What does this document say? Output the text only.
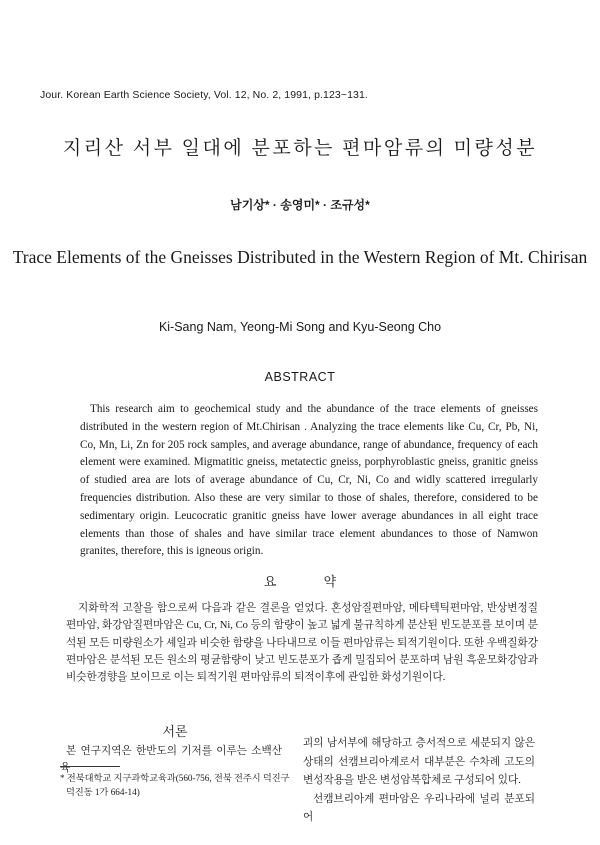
Jour. Korean Earth Science Society, Vol. 12, No. 2, 1991, p.123~131.
지리산 서부 일대에 분포하는 편마암류의 미량성분
남기상* · 송영미* · 조규성*
Trace Elements of the Gneisses Distributed in the Western Region of Mt. Chirisan
Ki-Sang Nam, Yeong-Mi Song and Kyu-Seong Cho
ABSTRACT
This research aim to geochemical study and the abundance of the trace elements of gneisses distributed in the western region of Mt.Chirisan . Analyzing the trace elements like Cu, Cr, Pb, Ni, Co, Mn, Li, Zn for 205 rock samples, and average abundance, range of abundance, frequency of each element were examined. Migmatitic gneiss, metatectic gneiss, porphyroblastic gneiss, granitic gneiss of studied area are lots of average abundance of Cu, Cr, Ni, Co and widly scattered irregularly frequencies distribution. Also these are very similar to those of shales, therefore, considered to be sedimentary origin. Leucocratic granitic gneiss have lower average abundances in all eight trace elements than those of shales and have similar trace element abundances to those of Namwon granites, therefore, this is igneous origin.
요 약
지화학적 고찰을 함으로써 다음과 같은 결론을 얻었다. 혼성암질편마암, 메타텍틱편마암, 반상변정질편마암, 화강암질편마암은 Cu, Cr, Ni, Co 등의 함량이 높고 넓게 불규칙하게 분산된 빈도분포를 보이며 분석된 모든 미량원소가 셰일과 비슷한 함량을 나타내므로 이들 편마암류는 퇴적기원이다. 또한 우백질화강편마암은 분석된 모든 원소의 평균함량이 낮고 빈도분포가 좁게 밀집되어 분포하며 남원 흑운모화강암과 비슷한경향을 보이므로 이는 퇴적기원 편마암류의 퇴적이후에 관입한 화성기원이다.
서론
본 연구지역은 한반도의 기저를 이루는 소백산 육
* 전북대학교 지구과학교육과(560-756, 전북 전주시 덕진구 덕진동 1가 664-14)

괴의 남서부에 해당하고 층서적으로 세분되지 않은 상태의 선캠브리아계로서 대부분은 수차례 고도의 변성작용을 받은 변성암복합체로 구성되어 있다.

선캠브리아계 편마암은 우리나라에 널리 분포되어
